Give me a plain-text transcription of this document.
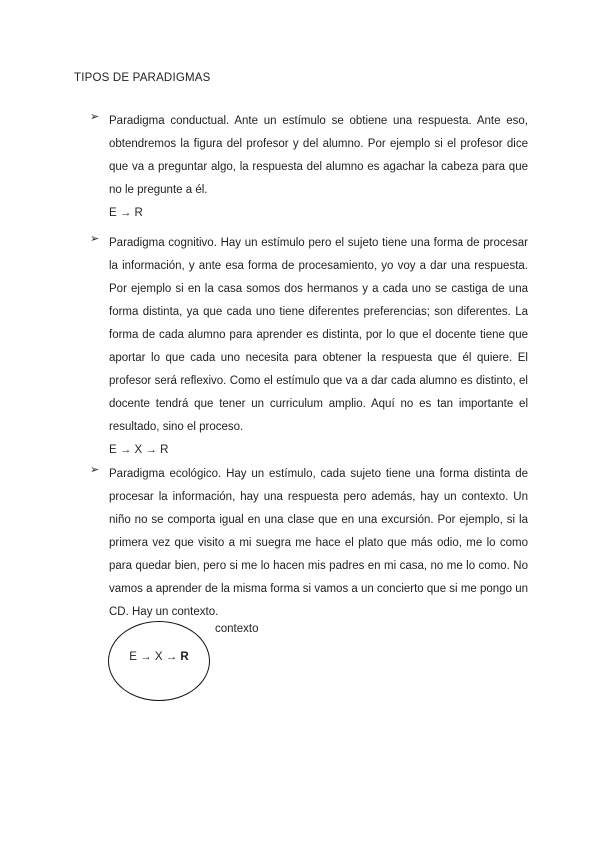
TIPOS DE PARADIGMAS
➢ Paradigma conductual. Ante un estímulo se obtiene una respuesta. Ante eso, obtendremos la figura del profesor y del alumno. Por ejemplo si el profesor dice que va a preguntar algo, la respuesta del alumno es agachar la cabeza para que no le pregunte a él.
E → R
➢ Paradigma cognitivo. Hay un estímulo pero el sujeto tiene una forma de procesar la información, y ante esa forma de procesamiento, yo voy a dar una respuesta. Por ejemplo si en la casa somos dos hermanos y a cada uno se castiga de una forma distinta, ya que cada uno tiene diferentes preferencias; son diferentes. La forma de cada alumno para aprender es distinta, por lo que el docente tiene que aportar lo que cada uno necesita para obtener la respuesta que él quiere. El profesor será reflexivo. Como el estímulo que va a dar cada alumno es distinto, el docente tendrá que tener un curriculum amplio. Aquí no es tan importante el resultado, sino el proceso.
E → X → R
➢ Paradigma ecológico. Hay un estímulo, cada sujeto tiene una forma distinta de procesar la información, hay una respuesta pero además, hay un contexto. Un niño no se comporta igual en una clase que en una excursión. Por ejemplo, si la primera vez que visito a mi suegra me hace el plato que más odio, me lo como para quedar bien, pero si me lo hacen mis padres en mi casa, no me lo como. No vamos a aprender de la misma forma si vamos a un concierto que si me pongo un CD. Hay un contexto.
E → X → R
contexto
